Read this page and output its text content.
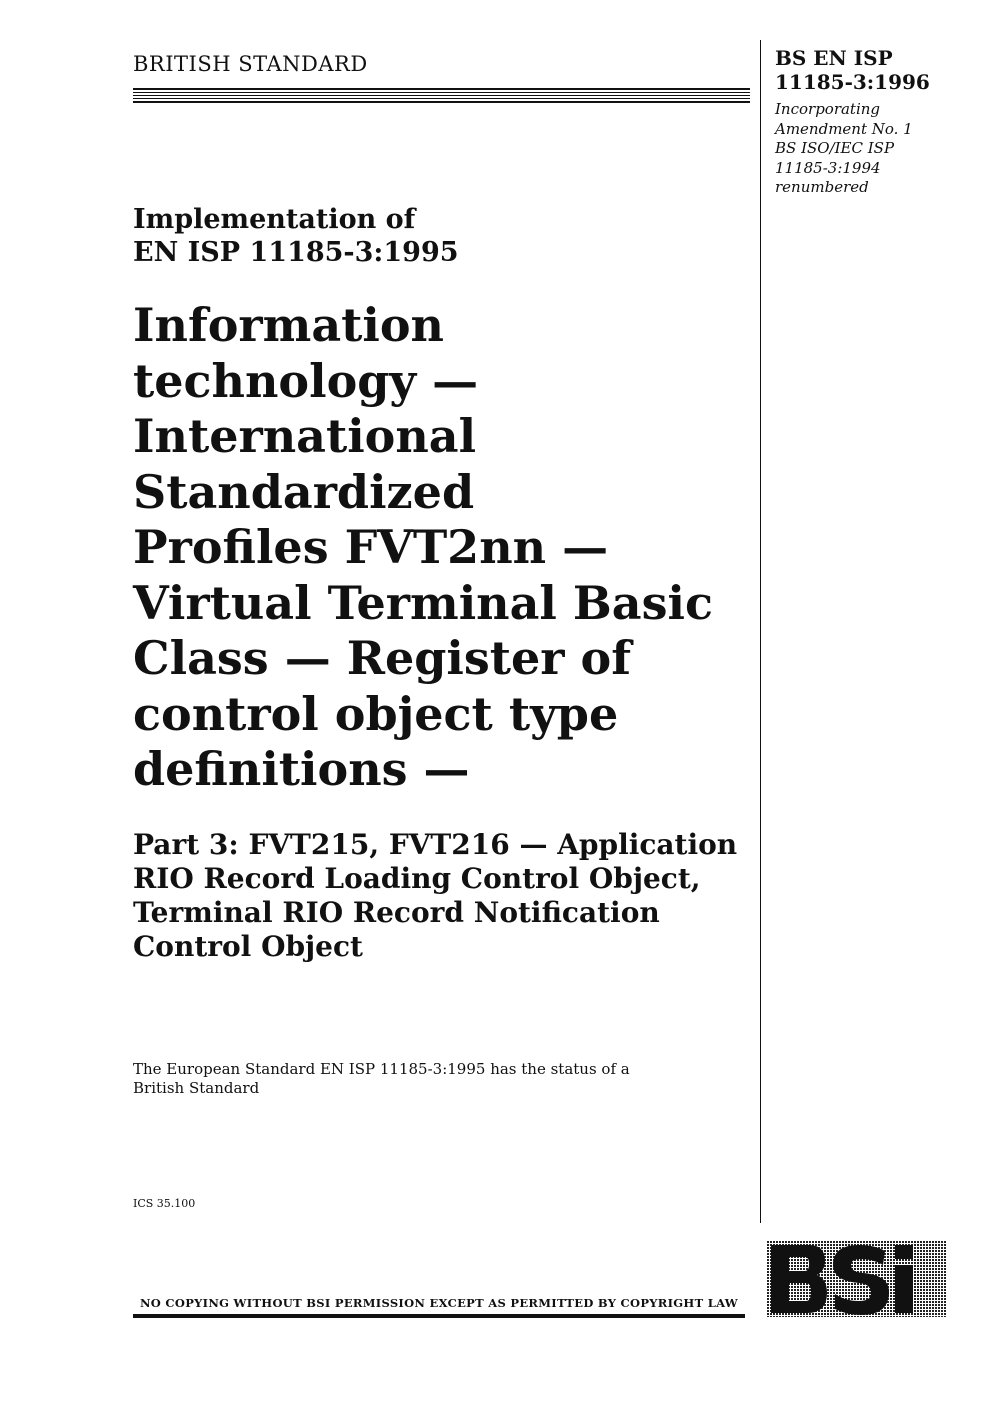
BRITISH STANDARD	BS EN ISP
11185-3:1996
Incorporating
Amendment No. 1
BS ISO/IEC ISP
11185-3:1994
renumbered
Implementation of
EN ISP 11185-3:1995
Information
technology —
International
Standardized
Profiles FVT2nn —
Virtual Terminal Basic
Class — Register of
control object type
definitions —
Part 3: FVT215, FVT216 — Application
RIO Record Loading Control Object,
Terminal RIO Record Notification
Control Object
The European Standard EN ISP 11185-3:1995 has the status of a
British Standard
ICS 35.100
NO COPYING WITHOUT BSI PERMISSION EXCEPT AS PERMITTED BY COPYRIGHT LAW
